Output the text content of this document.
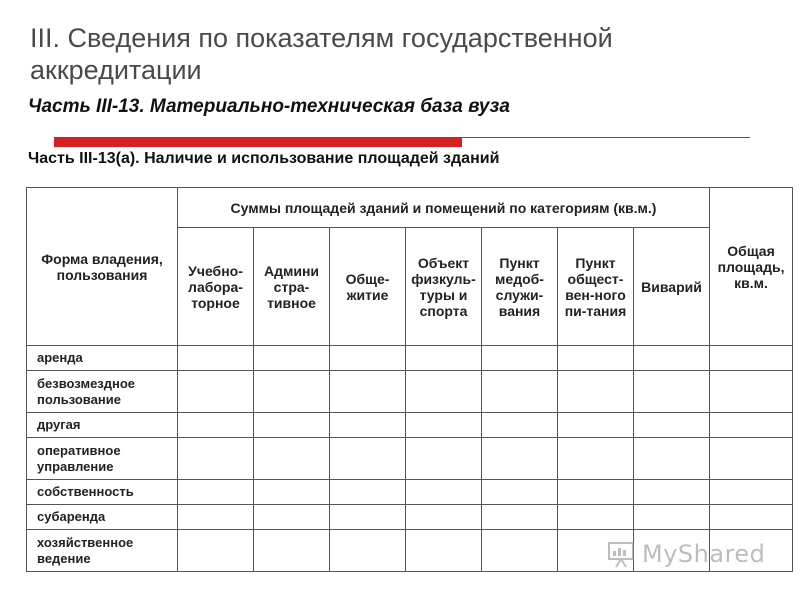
III. Сведения по показателям государственной аккредитации
Часть III-13. Материально-техническая база вуза
Часть III-13(а). Наличие и использование площадей зданий
Форма владения, пользования	Суммы площадей зданий и помещений по категориям (кв.м.)							Общая площадь, кв.м.
	Учебно-лабора-торное	Админи стра-тивное	Обще-житие	Объект физкуль-туры и спорта	Пункт медоб-служи-вания	Пункт общест-вен-ного пи-тания	Виварий	
аренда								
безвозмездное пользование								
другая								
оперативное управление								
собственность								
субаренда								
хозяйственное ведение									MyShared
